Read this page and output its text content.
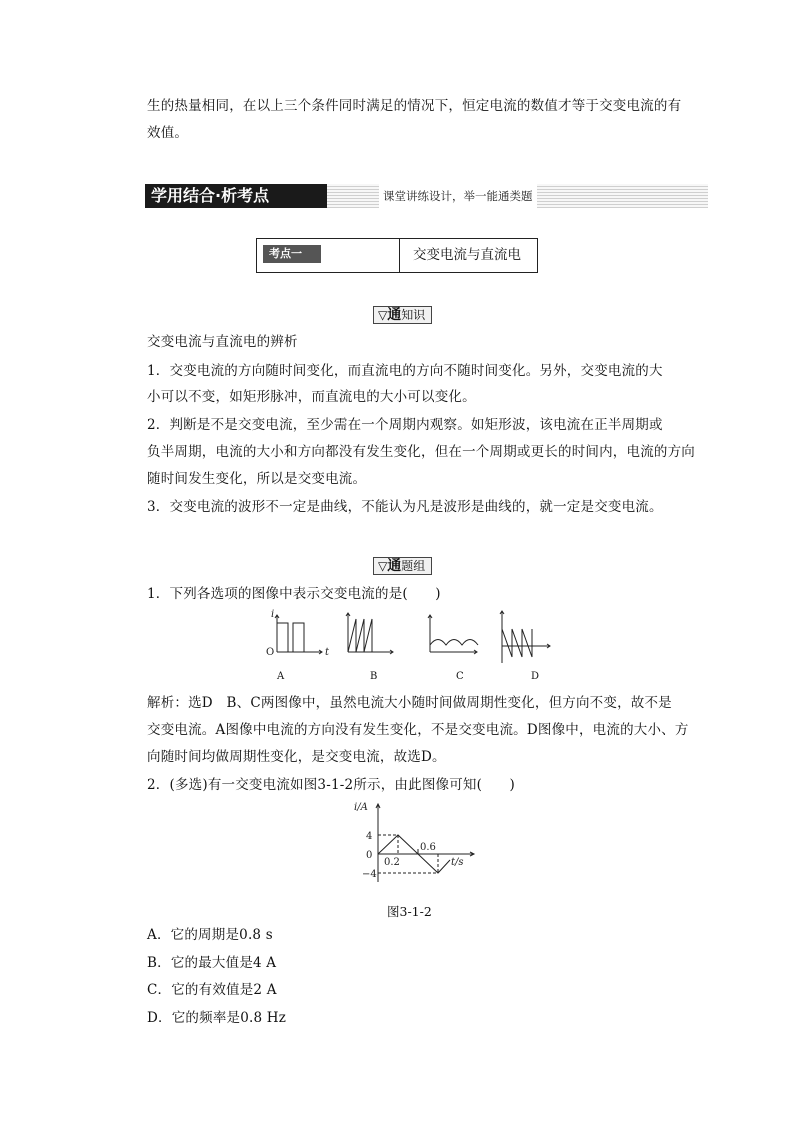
生的热量相同，在以上三个条件同时满足的情况下，恒定电流的数值才等于交变电流的有
效值。
学用结合·析考点	课堂讲练设计，举一能通类题
考点一	交变电流与直流电
▽通知识
交变电流与直流电的辨析
1．交变电流的方向随时间变化，而直流电的方向不随时间变化。另外，交变电流的大
小可以不变，如矩形脉冲，而直流电的大小可以变化。
2．判断是不是交变电流，至少需在一个周期内观察。如矩形波，该电流在正半周期或
负半周期，电流的大小和方向都没有发生变化，但在一个周期或更长的时间内，电流的方向
随时间发生变化，所以是交变电流。
3．交变电流的波形不一定是曲线，不能认为凡是波形是曲线的，就一定是交变电流。
▽通题组
1．下列各选项的图像中表示交变电流的是(　　)
i
O	t
A	B	C	D
解析：选D　B、C两图像中，虽然电流大小随时间做周期性变化，但方向不变，故不是
交变电流。A图像中电流的方向没有发生变化，不是交变电流。D图像中，电流的大小、方
向随时间均做周期性变化，是交变电流，故选D。
2．(多选)有一交变电流如图3-1-2所示，由此图像可知(　　)
i/A
4
0
−4
0.2
0.6
t/s
图3-1-2
A．它的周期是0.8 s
B．它的最大值是4 A
C．它的有效值是2 A
D．它的频率是0.8 Hz
